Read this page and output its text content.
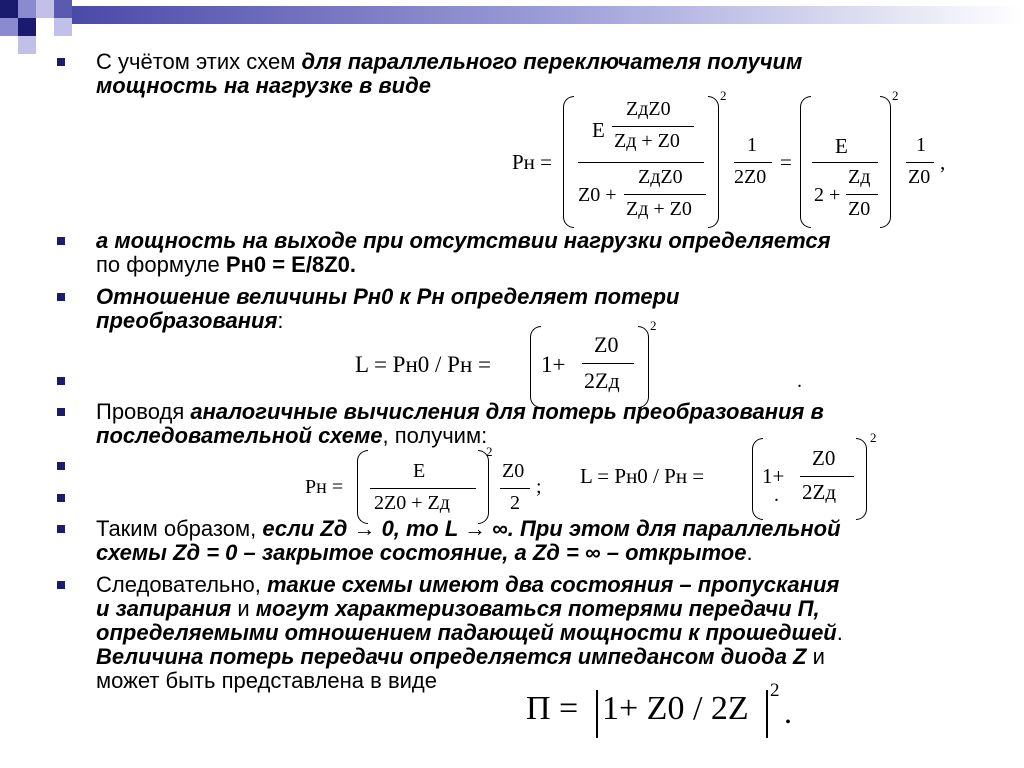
С учётом этих схем для параллельного переключателя получим
мощность на нагрузке в виде
Pн =
E
ZдZ0
Zд + Z0
Z0 +
ZдZ0
Zд + Z0
2
1
2Z0
=
E
2 +
Zд
Z0
2
1
Z0
,
а мощность на выходе при отсутствии нагрузки определяется
по формуле Pн0 = Е/8Z0.
Отношение величины Pн0 к Pн определяет потери
преобразования:
L = Pн0 / Pн = 1+
Z0
2Zд
2
.
Проводя аналогичные вычисления для потерь преобразования в
последовательной схеме, получим:
Pн =
E
2Z0 + Zд
2
Z0
2
; L = Pн0 / Pн =	1+
Z0
2Zд
.
2
Таким образом, если Zд → 0, то L → ∞. При этом для параллельной
схемы Zд = 0 – закрытое состояние, а Zд = ∞ – открытое.
Следовательно, такие схемы имеют два состояния – пропускания
и запирания и могут характеризоваться потерями передачи П,
определяемыми отношением падающей мощности к прошедшей.
Величина потерь передачи определяется импедансом диода Z и
может быть представлена в виде
П = 1+ Z0 / 2Z 2
.
